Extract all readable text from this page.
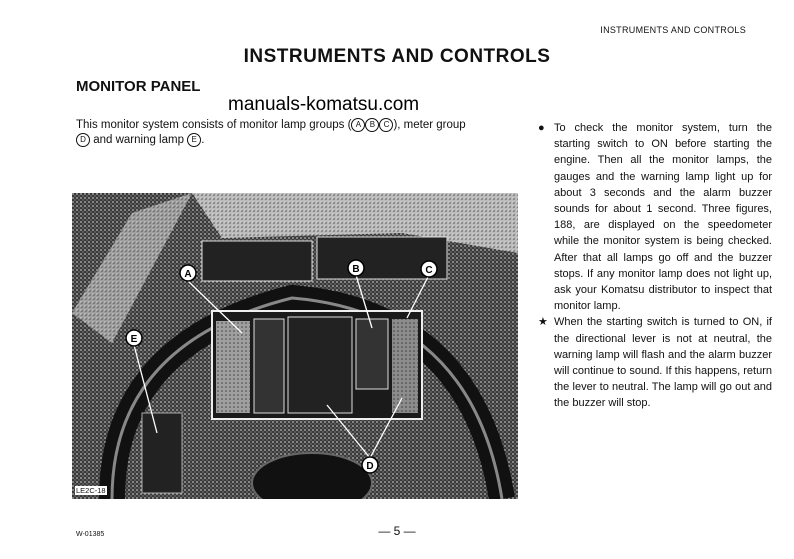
INSTRUMENTS AND CONTROLS
INSTRUMENTS AND CONTROLS
MONITOR PANEL
manuals-komatsu.com
This monitor system consists of monitor lamp groups ( A B C ), meter group
D and warning lamp E .
● To check the monitor system, turn the starting switch to ON before starting the engine. Then all the monitor lamps, the gauges and the warning lamp light up for about 3 seconds and the alarm buzzer sounds for about 1 second. Three figures, 188, are displayed on the speedometer while the monitor system is being checked. After that all lamps go off and the buzzer stops. If any monitor lamp does not light up, ask your Komatsu distributor to inspect that monitor lamp.
★ When the starting switch is turned to ON, if the directional lever is not at neutral, the warning lamp will flash and the alarm buzzer will continue to sound. If this happens, return the lever to neutral. The lamp will go out and the buzzer will stop.
A	B	C
D
E
LE2C-18
W-01385	— 5 —
